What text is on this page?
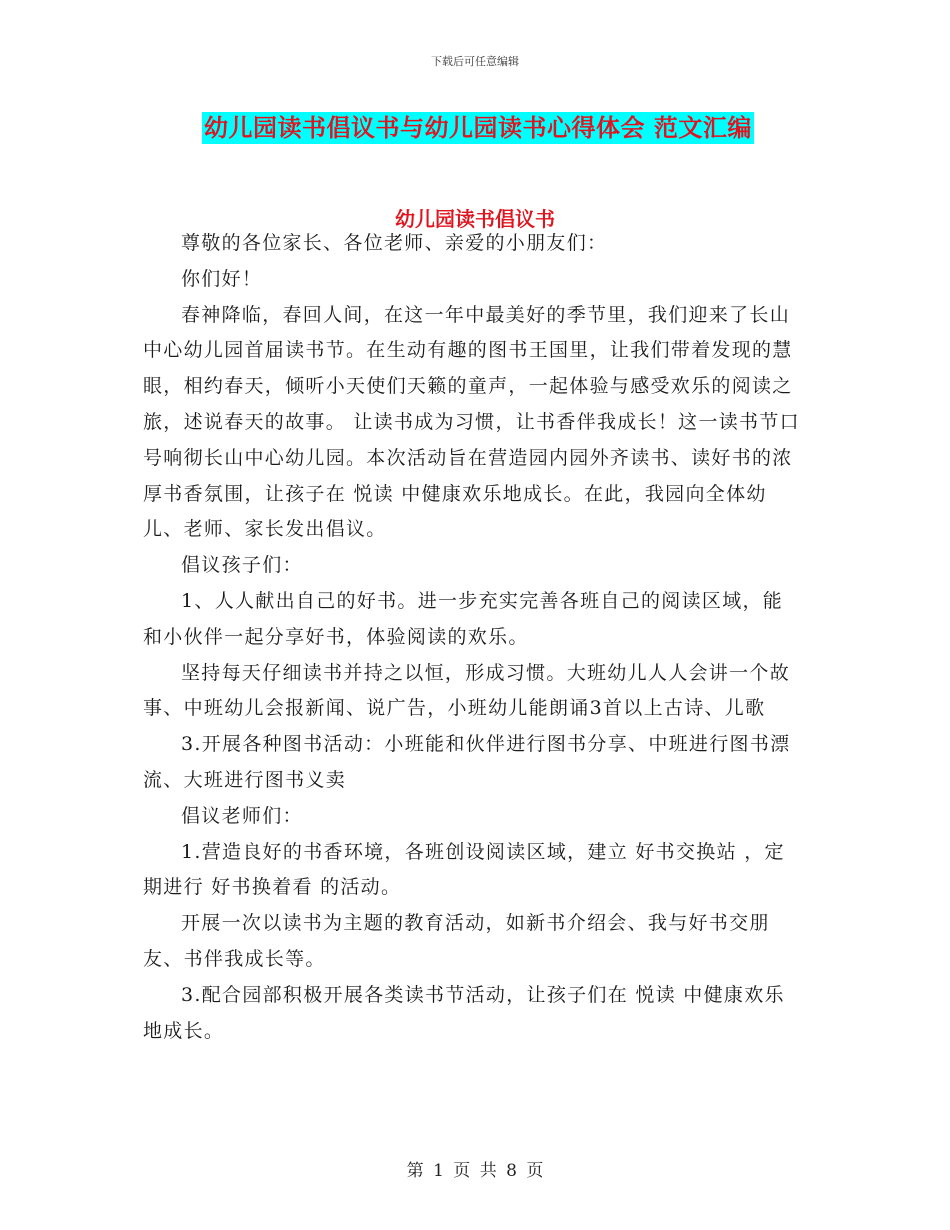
下载后可任意编辑
幼儿园读书倡议书与幼儿园读书心得体会 范文汇编
幼儿园读书倡议书

尊敬的各位家长、各位老师、亲爱的小朋友们：

你们好！

春神降临，春回人间，在这一年中最美好的季节里，我们迎来了长山中心幼儿园首届读书节。在生动有趣的图书王国里，让我们带着发现的慧眼，相约春天，倾听小天使们天籁的童声，一起体验与感受欢乐的阅读之旅，述说春天的故事。 让读书成为习惯，让书香伴我成长！这一读书节口号响彻长山中心幼儿园。本次活动旨在营造园内园外齐读书、读好书的浓厚书香氛围，让孩子在 悦读 中健康欢乐地成长。在此，我园向全体幼儿、老师、家长发出倡议。

倡议孩子们：

1、人人献出自己的好书。进一步充实完善各班自己的阅读区域，能和小伙伴一起分享好书，体验阅读的欢乐。

坚持每天仔细读书并持之以恒，形成习惯。大班幼儿人人会讲一个故事、中班幼儿会报新闻、说广告，小班幼儿能朗诵3首以上古诗、儿歌

3.开展各种图书活动：小班能和伙伴进行图书分享、中班进行图书漂流、大班进行图书义卖

倡议老师们：

1.营造良好的书香环境，各班创设阅读区域，建立 好书交换站 ，定期进行 好书换着看 的活动。

开展一次以读书为主题的教育活动，如新书介绍会、我与好书交朋友、书伴我成长等。

3.配合园部积极开展各类读书节活动，让孩子们在 悦读 中健康欢乐地成长。

第 1 页 共 8 页
